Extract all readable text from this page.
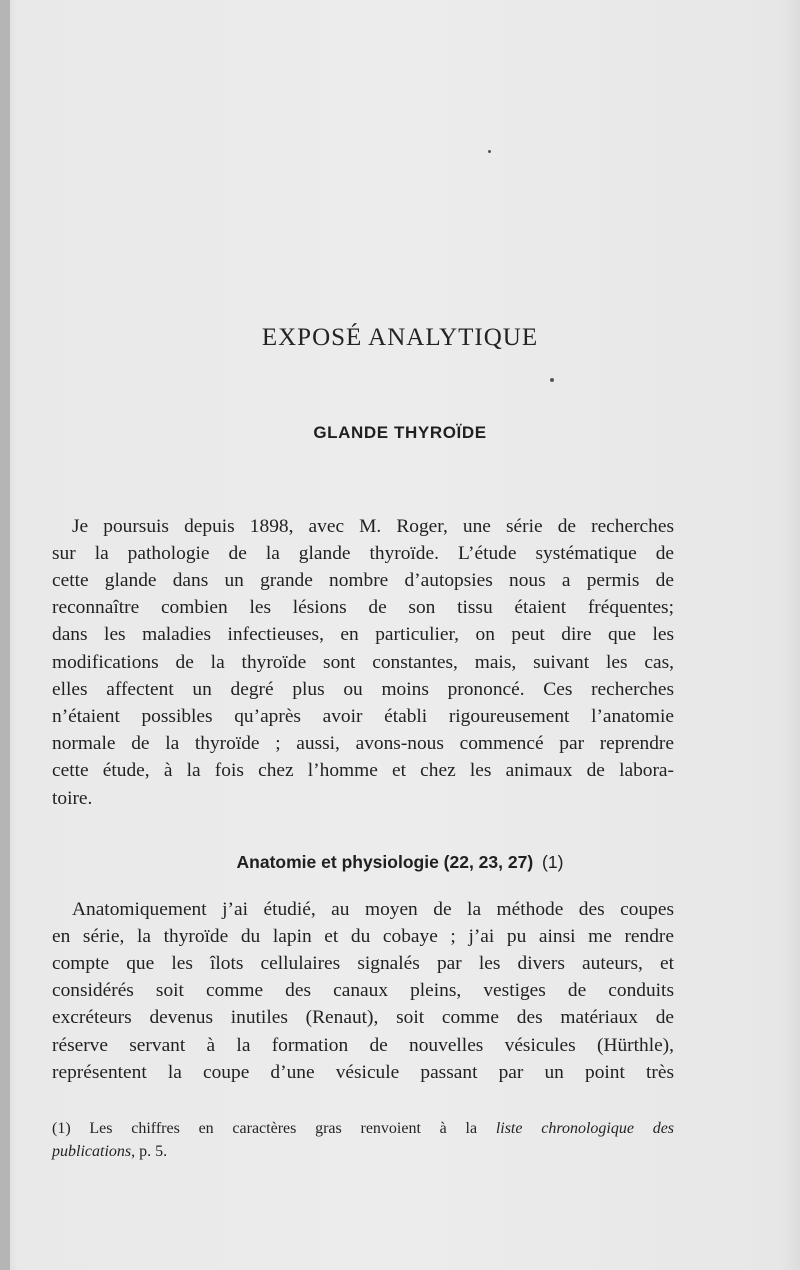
EXPOSÉ ANALYTIQUE
GLANDE THYROÏDE
Je poursuis depuis 1898, avec M. Roger, une série de recherches
sur la pathologie de la glande thyroïde. L’étude systématique de
cette glande dans un grande nombre d’autopsies nous a permis de
reconnaître combien les lésions de son tissu étaient fréquentes;
dans les maladies infectieuses, en particulier, on peut dire que les
modifications de la thyroïde sont constantes, mais, suivant les cas,
elles affectent un degré plus ou moins prononcé. Ces recherches
n’étaient possibles qu’après avoir établi rigoureusement l’anatomie
normale de la thyroïde ; aussi, avons-nous commencé par reprendre
cette étude, à la fois chez l’homme et chez les animaux de labora-
toire.
Anatomie et physiologie (22, 23, 27) (1)
Anatomiquement j’ai étudié, au moyen de la méthode des coupes
en série, la thyroïde du lapin et du cobaye ; j’ai pu ainsi me rendre
compte que les îlots cellulaires signalés par les divers auteurs, et
considérés soit comme des canaux pleins, vestiges de conduits
excréteurs devenus inutiles (Renaut), soit comme des matériaux de
réserve servant à la formation de nouvelles vésicules (Hürthle),
représentent la coupe d’une vésicule passant par un point très
(1) Les chiffres en caractères gras renvoient à la liste chronologique des
publications, p. 5.
